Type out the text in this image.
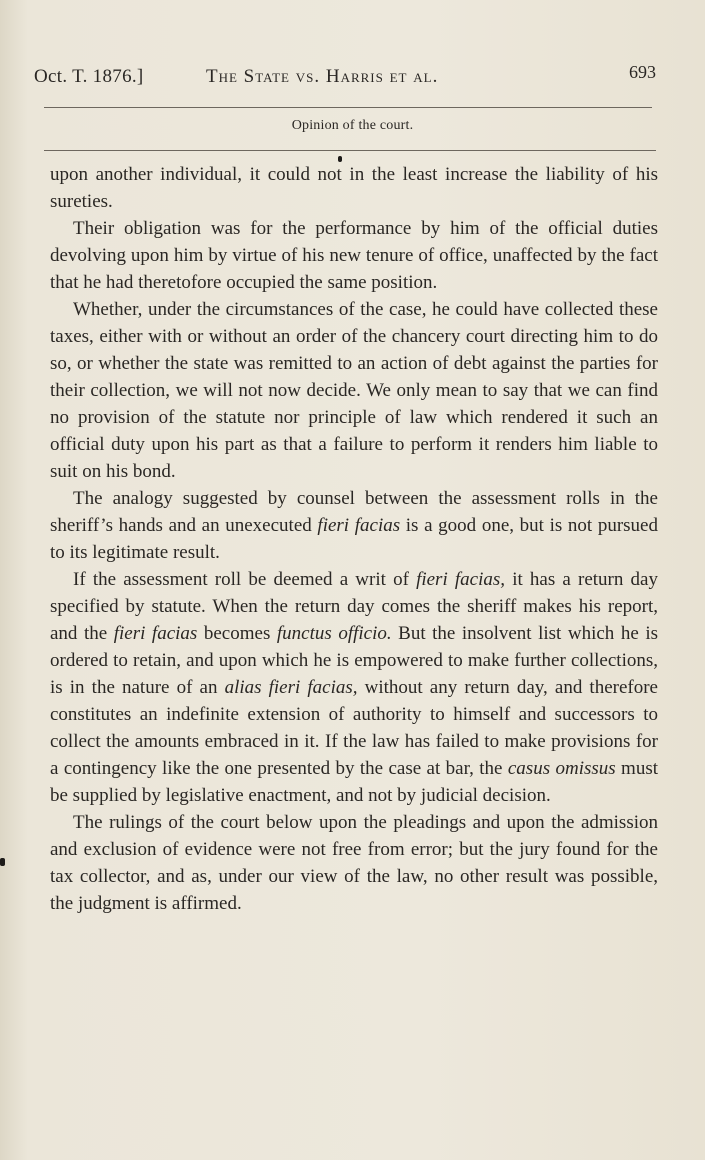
Oct. T. 1876.]	The State vs. Harris et al.	693
Opinion of the court.

upon another individual, it could not in the least increase the liability of his sureties.

Their obligation was for the performance by him of the official duties devolving upon him by virtue of his new tenure of office, unaffected by the fact that he had theretofore occupied the same position.

Whether, under the circumstances of the case, he could have collected these taxes, either with or without an order of the chancery court directing him to do so, or whether the state was remitted to an action of debt against the parties for their collection, we will not now decide. We only mean to say that we can find no provision of the statute nor principle of law which rendered it such an official duty upon his part as that a failure to perform it renders him liable to suit on his bond.

The analogy suggested by counsel between the assessment rolls in the sheriff’s hands and an unexecuted fieri facias is a good one, but is not pursued to its legitimate result.

If the assessment roll be deemed a writ of fieri facias, it has a return day specified by statute. When the return day comes the sheriff makes his report, and the fieri facias becomes functus officio. But the insolvent list which he is ordered to retain, and upon which he is empowered to make further collections, is in the nature of an alias fieri facias, without any return day, and therefore constitutes an indefinite extension of authority to himself and successors to collect the amounts embraced in it. If the law has failed to make provisions for a contingency like the one presented by the case at bar, the casus omissus must be supplied by legislative enactment, and not by judicial decision.

The rulings of the court below upon the pleadings and upon the admission and exclusion of evidence were not free from error; but the jury found for the tax collector, and as, under our view of the law, no other result was possible, the judgment is affirmed.
